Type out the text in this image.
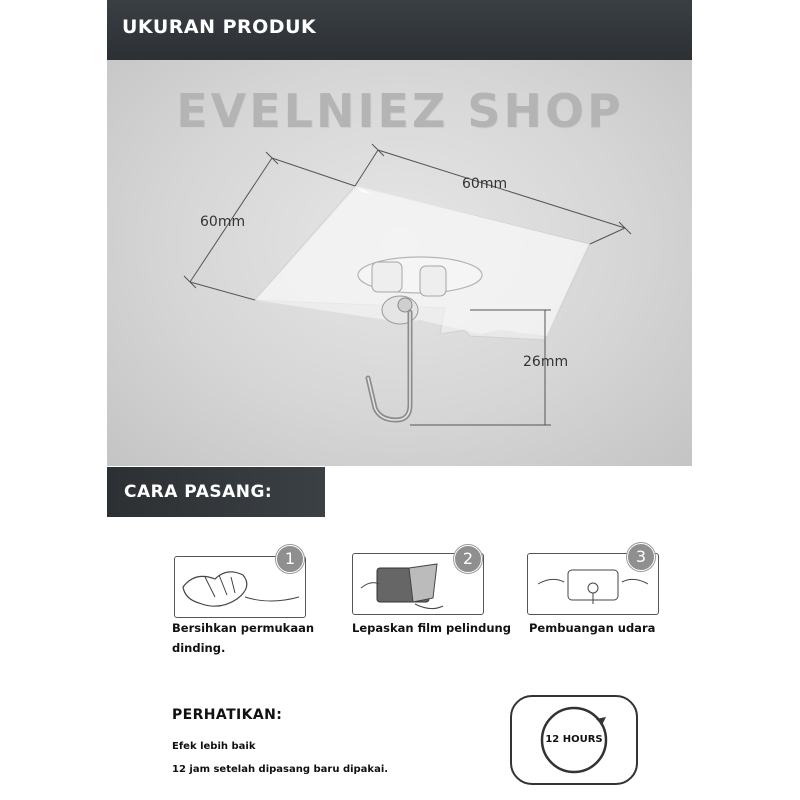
UKURAN PRODUK
EVELNIEZ SHOP
60mm
60mm
26mm
CARA PASANG:
1
Bersihkan permukaan
dinding.
2
Lepaskan film pelindung
3
Pembuangan udara
PERHATIKAN:
Efek lebih baik
12 jam setelah dipasang baru dipakai.
12 HOURS
